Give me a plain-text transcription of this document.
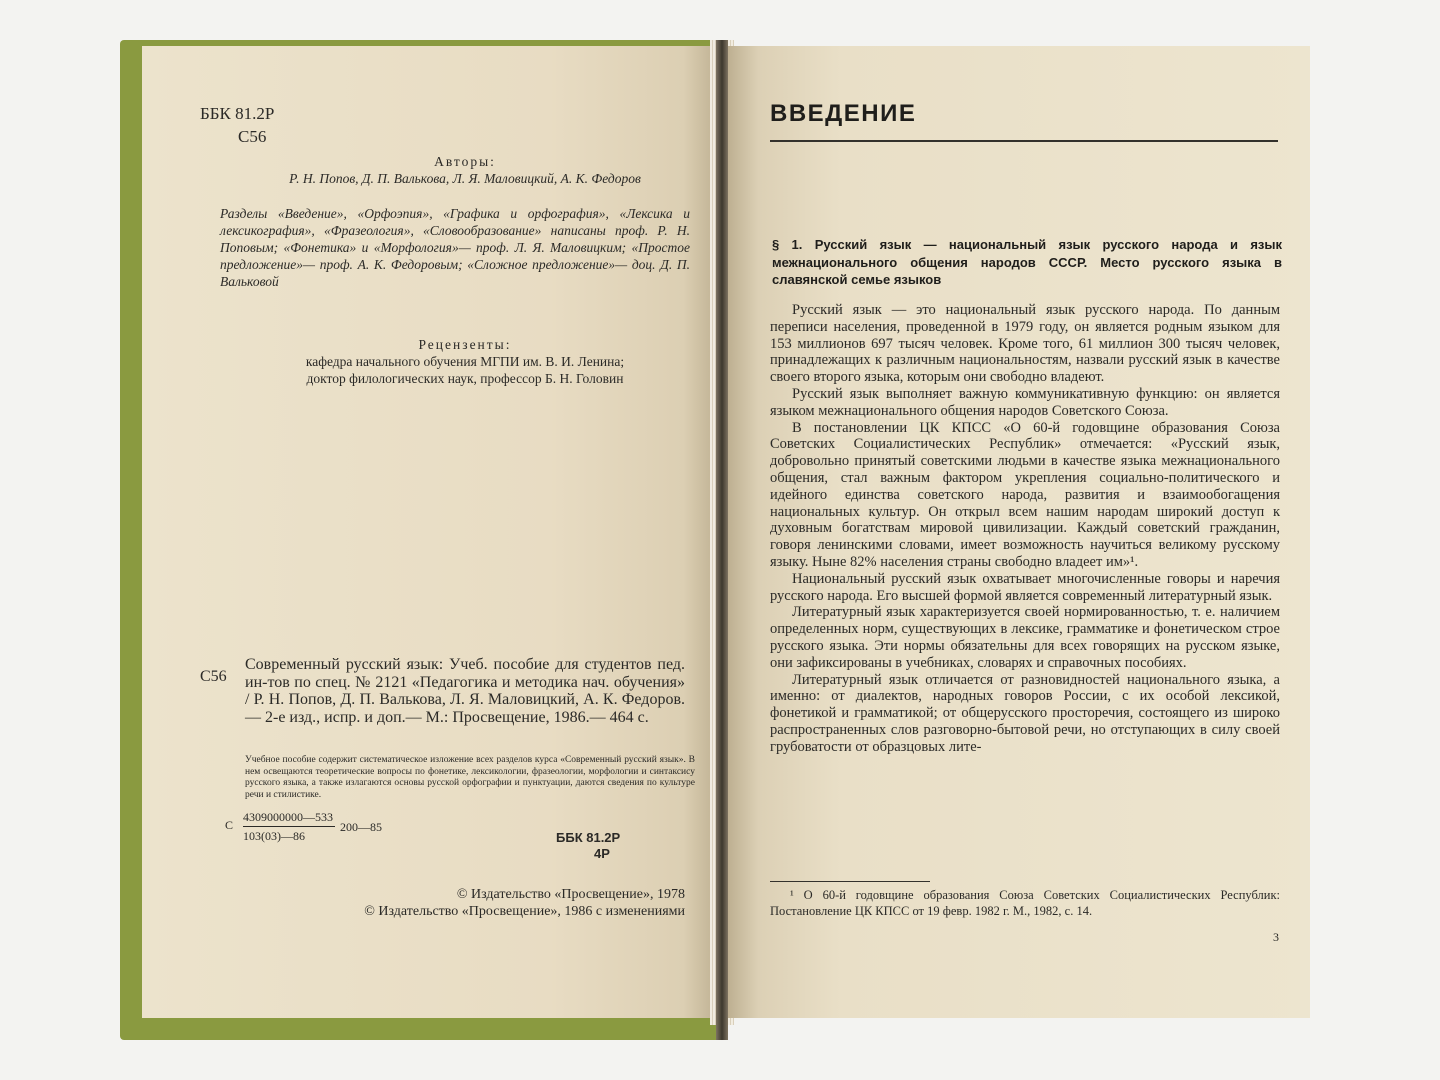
ББК 81.2Р
С56
Авторы:
Р. Н. Попов, Д. П. Валькова, Л. Я. Маловицкий, А. К. Федоров
Разделы «Введение», «Орфоэпия», «Графика и орфография», «Лексика и лексикография», «Фразеология», «Словообразование» написаны проф. Р. Н. Поповым; «Фонетика» и «Морфология»— проф. Л. Я. Маловицким; «Простое предложение»— проф. А. К. Федоровым; «Сложное предложение»— доц. Д. П. Вальковой
Рецензенты:
кафедра начального обучения МГПИ им. В. И. Ленина;
доктор филологических наук, профессор Б. Н. Головин
С56
Современный русский язык: Учеб. пособие для студентов пед. ин-тов по спец. № 2121 «Педагогика и методика нач. обучения» / Р. Н. Попов, Д. П. Валькова, Л. Я. Маловицкий, А. К. Федоров.— 2-е изд., испр. и доп.— М.: Просвещение, 1986.— 464 с.
Учебное пособие содержит систематическое изложение всех разделов курса «Современный русский язык». В нем освещаются теоретические вопросы по фонетике, лексикологии, фразеологии, морфологии и синтаксису русского языка, а также излагаются основы русской орфографии и пунктуации, даются сведения по культуре речи и стилистике.
С
4309000000—533
103(03)—86
200—85
ББК 81.2Р
4Р
© Издательство «Просвещение», 1978
© Издательство «Просвещение», 1986 с изменениями
ВВЕДЕНИЕ
§ 1. Русский язык — национальный язык русского народа и язык межнационального общения народов СССР. Место русского языка в славянской семье языков

Русский язык — это национальный язык русского народа. По данным переписи населения, проведенной в 1979 году, он является родным языком для 153 миллионов 697 тысяч человек. Кроме того, 61 миллион 300 тысяч человек, принадлежащих к различным национальностям, назвали русский язык в качестве своего второго языка, которым они свободно владеют.

Русский язык выполняет важную коммуникативную функцию: он является языком межнационального общения народов Советского Союза.

В постановлении ЦК КПСС «О 60-й годовщине образования Союза Советских Социалистических Республик» отмечается: «Русский язык, добровольно принятый советскими людьми в качестве языка межнационального общения, стал важным фактором укрепления социально-политического и идейного единства советского народа, развития и взаимообогащения национальных культур. Он открыл всем нашим народам широкий доступ к духовным богатствам мировой цивилизации. Каждый советский гражданин, говоря ленинскими словами, имеет возможность научиться великому русскому языку. Ныне 82% населения страны свободно владеет им»¹.

Национальный русский язык охватывает многочисленные говоры и наречия русского народа. Его высшей формой является современный литературный язык.

Литературный язык характеризуется своей нормированностью, т. е. наличием определенных норм, существующих в лексике, грамматике и фонетическом строе русского языка. Эти нормы обязательны для всех говорящих на русском языке, они зафиксированы в учебниках, словарях и справочных пособиях.

Литературный язык отличается от разновидностей национального языка, а именно: от диалектов, народных говоров России, с их особой лексикой, фонетикой и грамматикой; от общерусского просторечия, состоящего из широко распространенных слов разговорно-бытовой речи, но отступающих в силу своей грубоватости от образцовых лите-

¹ О 60-й годовщине образования Союза Советских Социалистических Республик: Постановление ЦК КПСС от 19 февр. 1982 г. М., 1982, с. 14.
3
